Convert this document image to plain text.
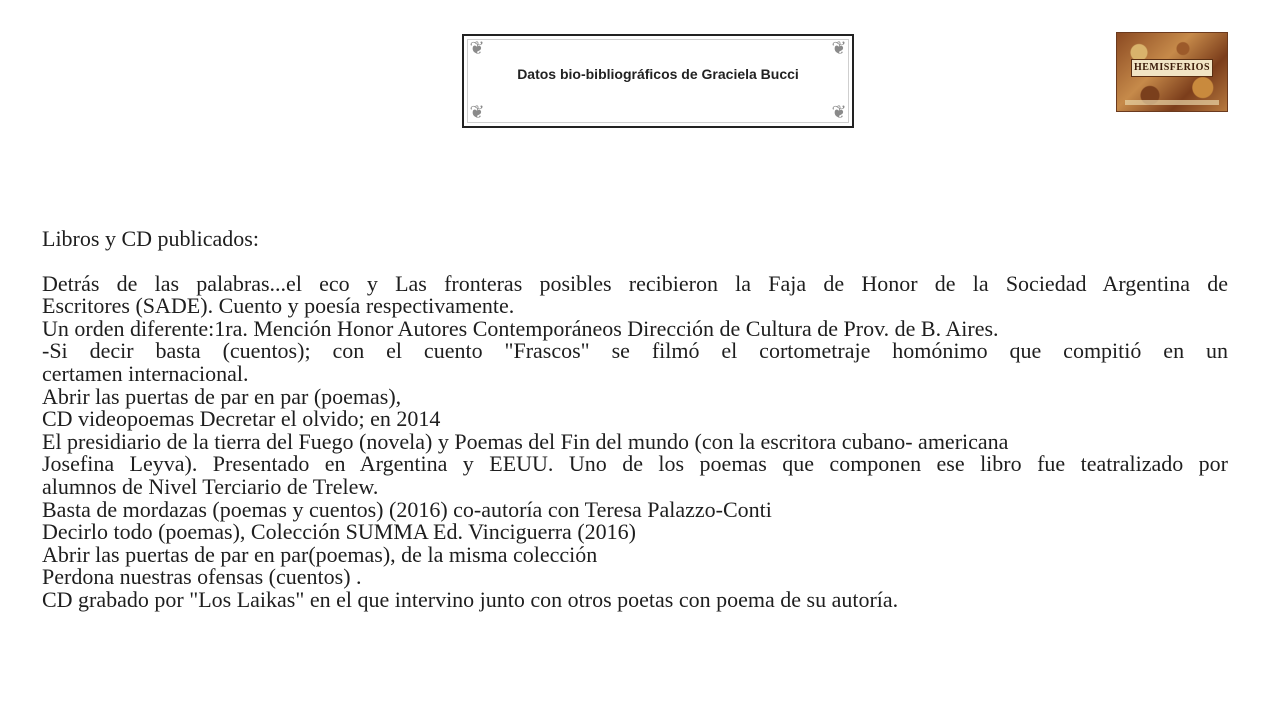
❦	❦
❦	❦
Datos bio-bibliográficos de Graciela Bucci	HEMISFERIOS

Libros y CD publicados:

Detrás de las palabras...el eco y Las fronteras posibles recibieron la Faja de Honor de la Sociedad Argentina de
Escritores (SADE). Cuento y poesía respectivamente.
Un orden diferente:1ra. Mención Honor Autores Contemporáneos Dirección de Cultura de Prov. de B. Aires.
-Si decir basta (cuentos); con el cuento "Frascos" se filmó el cortometraje homónimo que compitió en un
certamen internacional.
Abrir las puertas de par en par (poemas),
CD videopoemas Decretar el olvido; en 2014
El presidiario de la tierra del Fuego (novela) y Poemas del Fin del mundo (con la escritora cubano- americana
Josefina Leyva). Presentado en Argentina y EEUU. Uno de los poemas que componen ese libro fue teatralizado por
alumnos de Nivel Terciario de Trelew.
Basta de mordazas (poemas y cuentos) (2016) co-autoría con Teresa Palazzo-Conti
Decirlo todo (poemas), Colección SUMMA Ed. Vinciguerra (2016)
Abrir las puertas de par en par(poemas), de la misma colección
Perdona nuestras ofensas (cuentos) .
CD grabado por "Los Laikas" en el que intervino junto con otros poetas con poema de su autoría.
